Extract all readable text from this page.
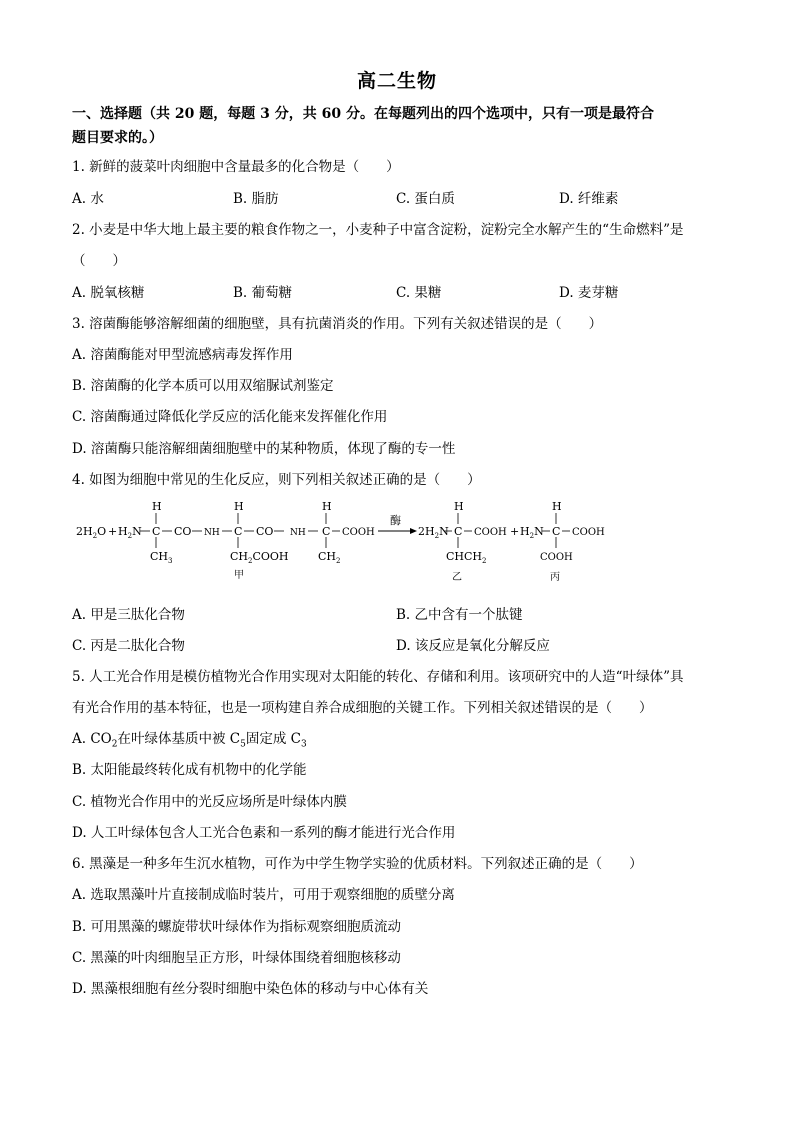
高二生物
一、选择题（共 20 题，每题 3 分，共 60 分。在每题列出的四个选项中，只有一项是最符合
题目要求的。）
1. 新鲜的菠菜叶肉细胞中含量最多的化合物是（　　）
A. 水	B. 脂肪	C. 蛋白质	D. 纤维素
2. 小麦是中华大地上最主要的粮食作物之一，小麦种子中富含淀粉，淀粉完全水解产生的“生命燃料”是
（　　）
A. 脱氧核糖	B. 葡萄糖	C. 果糖	D. 麦芽糖
3. 溶菌酶能够溶解细菌的细胞壁，具有抗菌消炎的作用。下列有关叙述错误的是（　　）
A. 溶菌酶能对甲型流感病毒发挥作用
B. 溶菌酶的化学本质可以用双缩脲试剂鉴定
C. 溶菌酶通过降低化学反应的活化能来发挥催化作用
D. 溶菌酶只能溶解细菌细胞壁中的某种物质，体现了酶的专一性
4. 如图为细胞中常见的生化反应，则下列相关叙述正确的是（　　）
$2H_2O + H_2N$ C
H
$CH_3$
CO NH C
H
$CH_2COOH$
甲
CO NH C
H
$CH_2$
COOH
酶
$2H_2N$ C
H
$CHCH_2$
乙
COOH + $H_2N$ C
H
COOH
丙
COOH
A. 甲是三肽化合物	B. 乙中含有一个肽键
C. 丙是二肽化合物	D. 该反应是氧化分解反应
5. 人工光合作用是模仿植物光合作用实现对太阳能的转化、存储和利用。该项研究中的人造“叶绿体”具
有光合作用的基本特征，也是一项构建自养合成细胞的关键工作。下列相关叙述错误的是（　　）
A. $CO_2$在叶绿体基质中被 $C_5$固定成 $C_3$
B. 太阳能最终转化成有机物中的化学能
C. 植物光合作用中的光反应场所是叶绿体内膜
D. 人工叶绿体包含人工光合色素和一系列的酶才能进行光合作用
6. 黑藻是一种多年生沉水植物，可作为中学生物学实验的优质材料。下列叙述正确的是（　　）
A. 选取黑藻叶片直接制成临时装片，可用于观察细胞的质壁分离
B. 可用黑藻的螺旋带状叶绿体作为指标观察细胞质流动
C. 黑藻的叶肉细胞呈正方形，叶绿体围绕着细胞核移动
D. 黑藻根细胞有丝分裂时细胞中染色体的移动与中心体有关
